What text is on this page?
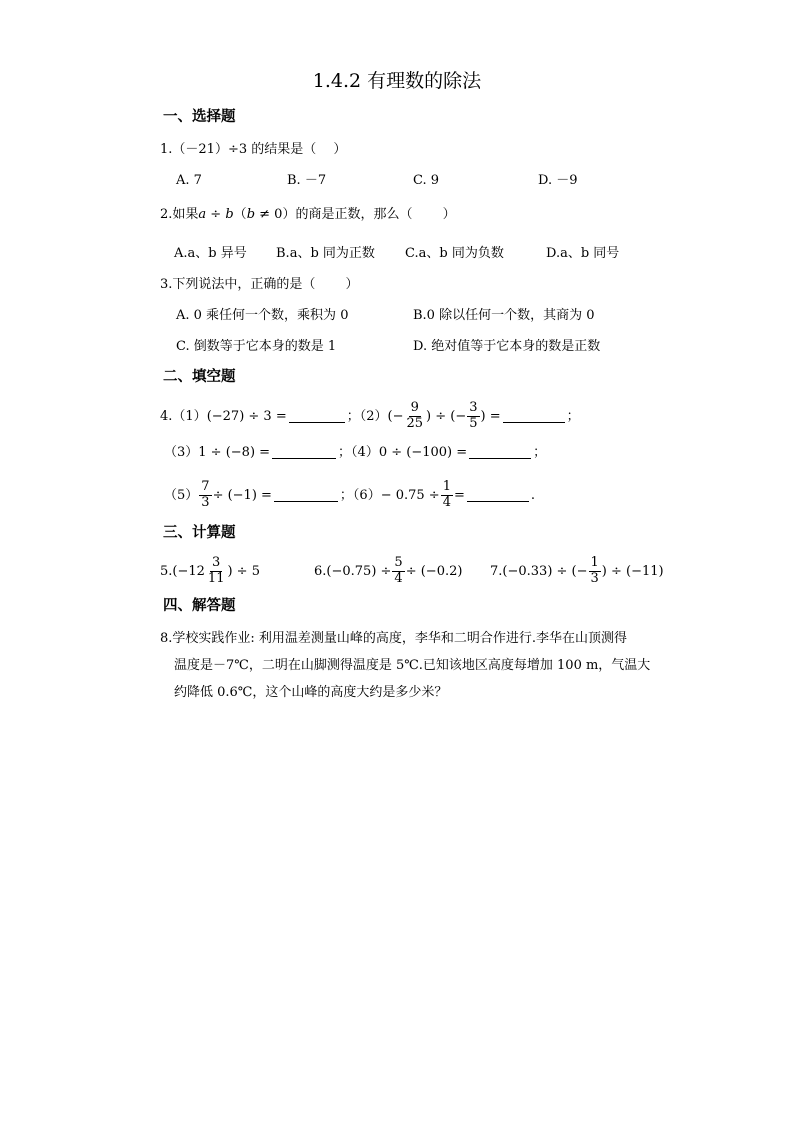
1.4.2 有理数的除法
一、选择题
1.（－21）÷3 的结果是（　 ）
A. 7	B. －7	C. 9	D. －9
2.如果a ÷ b（b ≠ 0）的商是正数，那么（　　 ）
A.a、b 异号 B.a、b 同为正数 C.a、b 同为负数	D.a、b 同号
3.下列说法中，正确的是（　　 ）
A. 0 乘任何一个数，乘积为 0	B.0 除以任何一个数，其商为 0
C. 倒数等于它本身的数是 1	D. 绝对值等于它本身的数是正数
二、填空题
4.（1） (−27) ÷ 3 =	；（2） (− $\frac{9}{25}$ ) ÷ (− $\frac{3}{5}$ ) =	；
（3） 1 ÷ (−8) =	；（4） 0 ÷ (−100) =	；
$(5) \frac{7}{3} \div (-1)$ =	；$(6) - 0.75 \div \frac{1}{4}$ =	.
三、计算题
5. ($-12 \frac{3}{11}$ ) ÷ 5	6. $(-0.75) \div \frac{5}{4} \div (-0.2)$ 7. (−0.33) ÷ (− $\frac{1}{3}$ ) ÷ (−11)
四、解答题
8.学校实践作业: 利用温差测量山峰的高度，李华和二明合作进行.李华在山顶测得
温度是－7℃，二明在山脚测得温度是 5℃.已知该地区高度每增加 100 m，气温大
约降低 0.6℃，这个山峰的高度大约是多少米？
